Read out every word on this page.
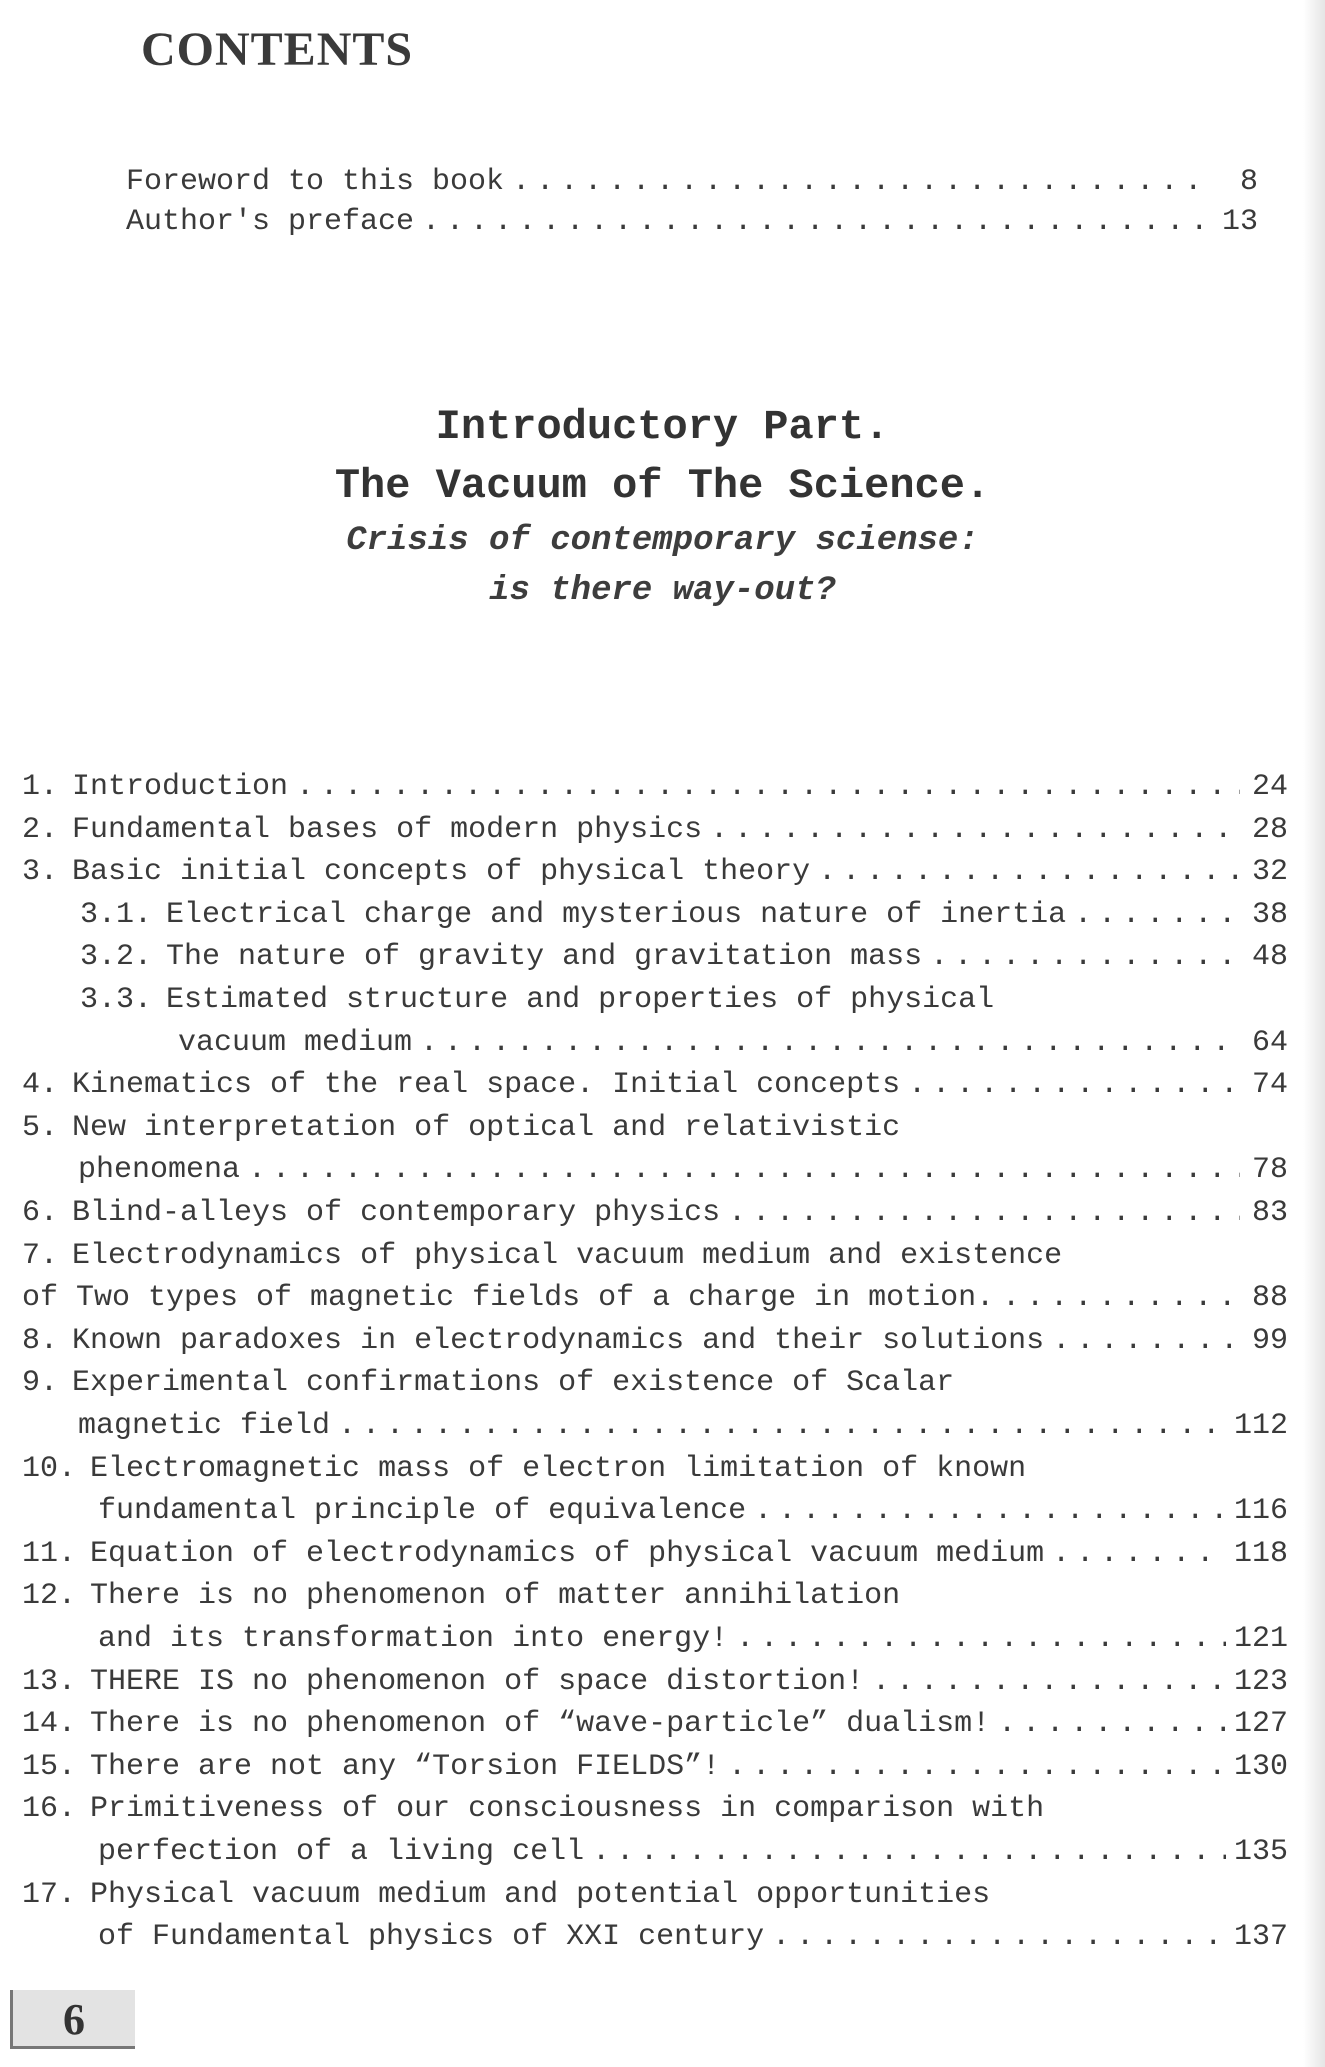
CONTENTS
Foreword to this book . . .	8
Author's preface . . .	13
Introductory Part.
The Vacuum of The Science.
Crisis of contemporary sciense:
is there way-out?
1. Introduction . . .	24
2. Fundamental bases of modern physics . . .	28
3. Basic initial concepts of physical theory . . .	32
3.1. Electrical charge and mysterious nature of inertia . . .	38
3.2. The nature of gravity and gravitation mass . . .	48
3.3. Estimated structure and properties of physical
vacuum medium . . .	64
4. Kinematics of the real space. Initial concepts . . .	74
5. New interpretation of optical and relativistic
phenomena . . .	78
6. Blind-alleys of contemporary physics . . .	83
7. Electrodynamics of physical vacuum medium and existence
of Two types of magnetic fields of a charge in motion. . . .	88
8. Known paradoxes in electrodynamics and their solutions . . .	99
9. Experimental confirmations of existence of Scalar
magnetic field . . .	112
10. Electromagnetic mass of electron limitation of known
fundamental principle of equivalence . . .	116
11. Equation of electrodynamics of physical vacuum medium . . .	118
12. There is no phenomenon of matter annihilation
and its transformation into energy! . . .	121
13. THERE IS no phenomenon of space distortion! . . .	123
14. There is no phenomenon of “wave-particle” dualism! . . .	127
15. There are not any “Torsion FIELDS”! . . .	130
16. Primitiveness of our consciousness in comparison with
perfection of a living cell . . .	135
17. Physical vacuum medium and potential opportunities
of Fundamental physics of XXI century . . .	137
6
